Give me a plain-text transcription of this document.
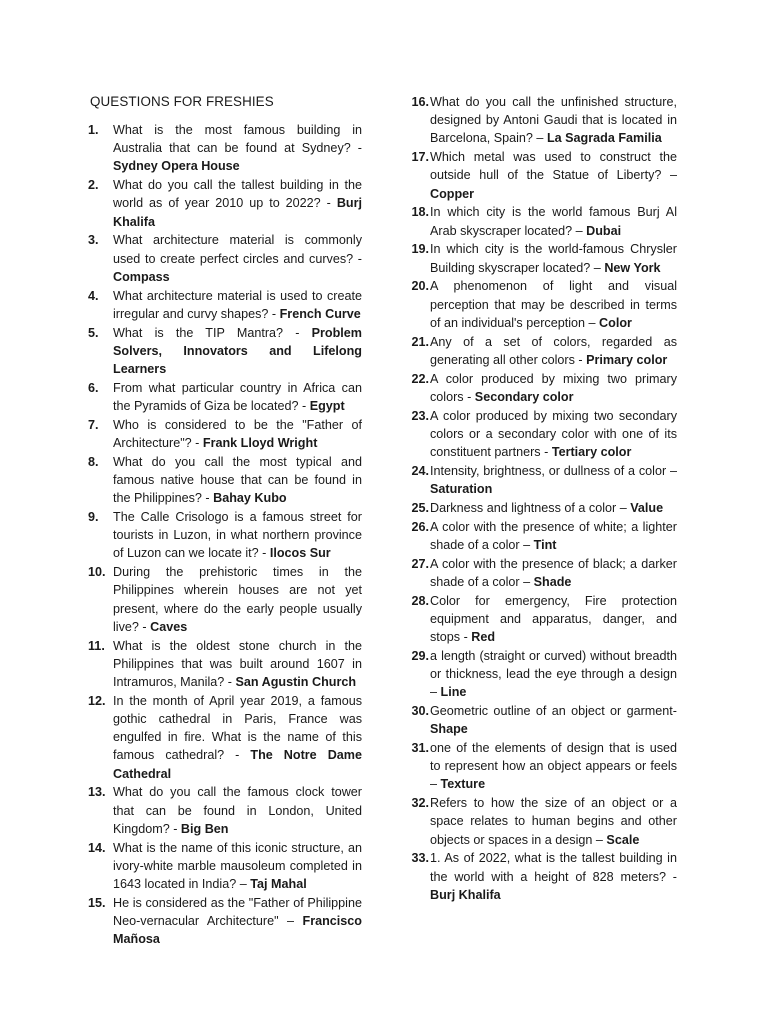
QUESTIONS FOR FRESHIES
1.	What is the most famous building in Australia that can be found at Sydney? - Sydney Opera House
2.	What do you call the tallest building in the world as of year 2010 up to 2022? - Burj Khalifa
3.	What architecture material is commonly used to create perfect circles and curves? - Compass
4.	What architecture material is used to create irregular and curvy shapes? - French Curve
5.	What is the TIP Mantra? - Problem Solvers, Innovators and Lifelong Learners
6.	From what particular country in Africa can the Pyramids of Giza be located? - Egypt
7.	Who is considered to be the "Father of Architecture"? - Frank Lloyd Wright
8.	What do you call the most typical and famous native house that can be found in the Philippines? - Bahay Kubo
9.	The Calle Crisologo is a famous street for tourists in Luzon, in what northern province of Luzon can we locate it? - Ilocos Sur
10. During the prehistoric times in the Philippines wherein houses are not yet present, where do the early people usually live? - Caves
11. What is the oldest stone church in the Philippines that was built around 1607 in Intramuros, Manila? - San Agustin Church
12. In the month of April year 2019, a famous gothic cathedral in Paris, France was engulfed in fire. What is the name of this famous cathedral? - The Notre Dame Cathedral
13. What do you call the famous clock tower that can be found in London, United Kingdom? - Big Ben
14. What is the name of this iconic structure, an ivory-white marble mausoleum completed in 1643 located in India? – Taj Mahal
15. He is considered as the "Father of Philippine Neo-vernacular Architecture" – Francisco Mañosa
16. What do you call the unfinished structure, designed by Antoni Gaudi that is located in Barcelona, Spain? – La Sagrada Familia
17. Which metal was used to construct the outside hull of the Statue of Liberty? – Copper
18. In which city is the world famous Burj Al Arab skyscraper located? – Dubai
19. In which city is the world-famous Chrysler Building skyscraper located? – New York
20. A phenomenon of light and visual perception that may be described in terms of an individual's perception – Color
21. Any of a set of colors, regarded as generating all other colors - Primary color
22. A color produced by mixing two primary colors - Secondary color
23. A color produced by mixing two secondary colors or a secondary color with one of its constituent partners - Tertiary color
24. Intensity, brightness, or dullness of a color – Saturation
25. Darkness and lightness of a color – Value
26. A color with the presence of white; a lighter shade of a color – Tint
27. A color with the presence of black; a darker shade of a color – Shade
28. Color for emergency, Fire protection equipment and apparatus, danger, and stops - Red
29. a length (straight or curved) without breadth or thickness, lead the eye through a design – Line
30. Geometric outline of an object or garment- Shape
31. one of the elements of design that is used to represent how an object appears or feels – Texture
32. Refers to how the size of an object or a space relates to human begins and other objects or spaces in a design – Scale
33. 1. As of 2022, what is the tallest building in the world with a height of 828 meters? - Burj Khalifa
